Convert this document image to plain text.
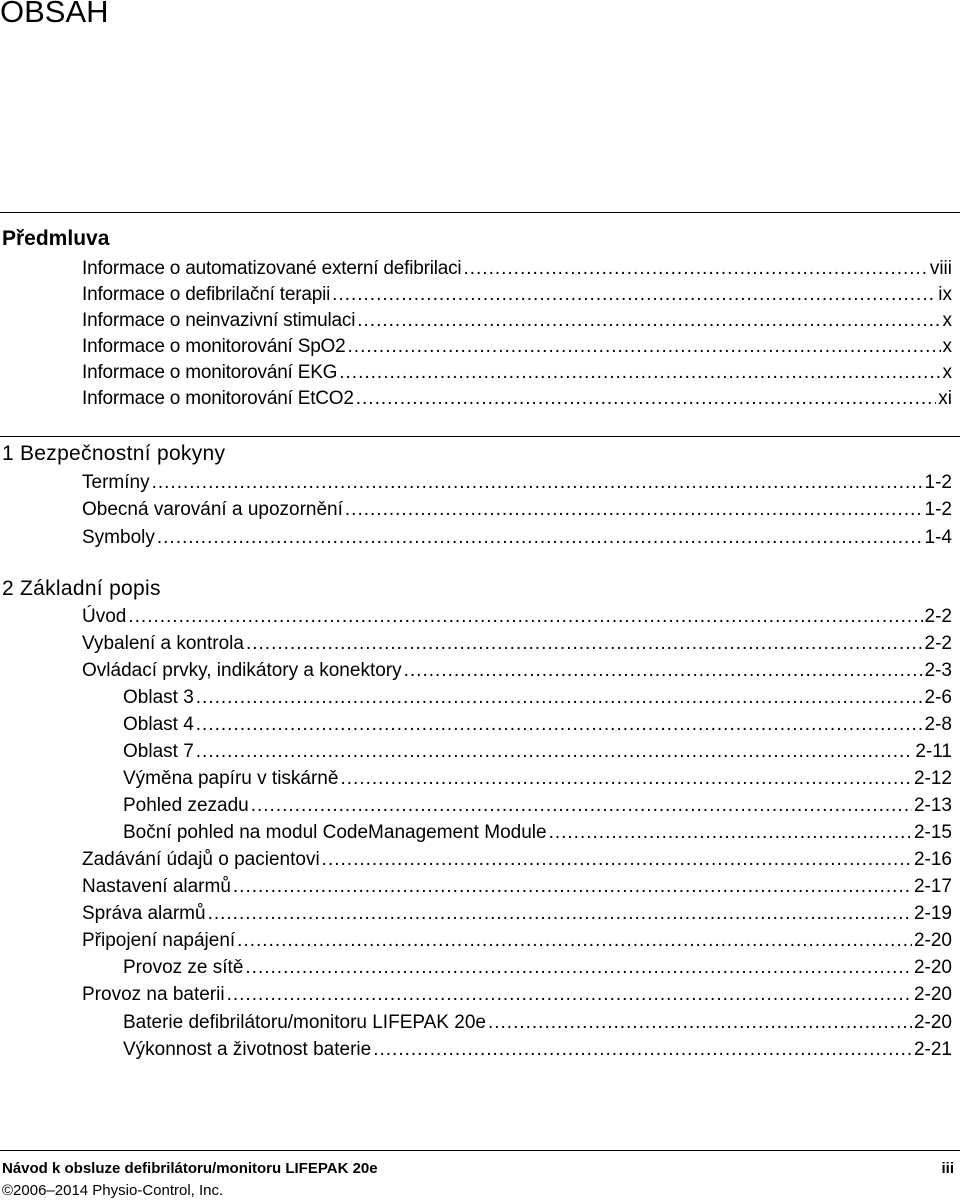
OBSAH
Předmluva
Informace o automatizované externí defibrilaci .....	viii
Informace o defibrilační terapii .....	ix
Informace o neinvazivní stimulaci .....	x
Informace o monitorování SpO2 .....	x
Informace o monitorování EKG .....	x
Informace o monitorování EtCO2 .....	xi
1 Bezpečnostní pokyny
Termíny .....	1-2
Obecná varování a upozornění .....	1-2
Symboly .....	1-4
2 Základní popis
Úvod .....	2-2
Vybalení a kontrola .....	2-2
Ovládací prvky, indikátory a konektory .....	2-3
Oblast 3 .....	2-6
Oblast 4 .....	2-8
Oblast 7 .....	2-11
Výměna papíru v tiskárně .....	2-12
Pohled zezadu .....	2-13
Boční pohled na modul CodeManagement Module .....	2-15
Zadávání údajů o pacientovi .....	2-16
Nastavení alarmů .....	2-17
Správa alarmů .....	2-19
Připojení napájení .....	2-20
Provoz ze sítě .....	2-20
Provoz na baterii .....	2-20
Baterie defibrilátoru/monitoru LIFEPAK 20e .....	2-20
Výkonnost a životnost baterie .....	2-21
Návod k obsluze defibrilátoru/monitoru LIFEPAK 20e	iii
©2006–2014 Physio-Control, Inc.
